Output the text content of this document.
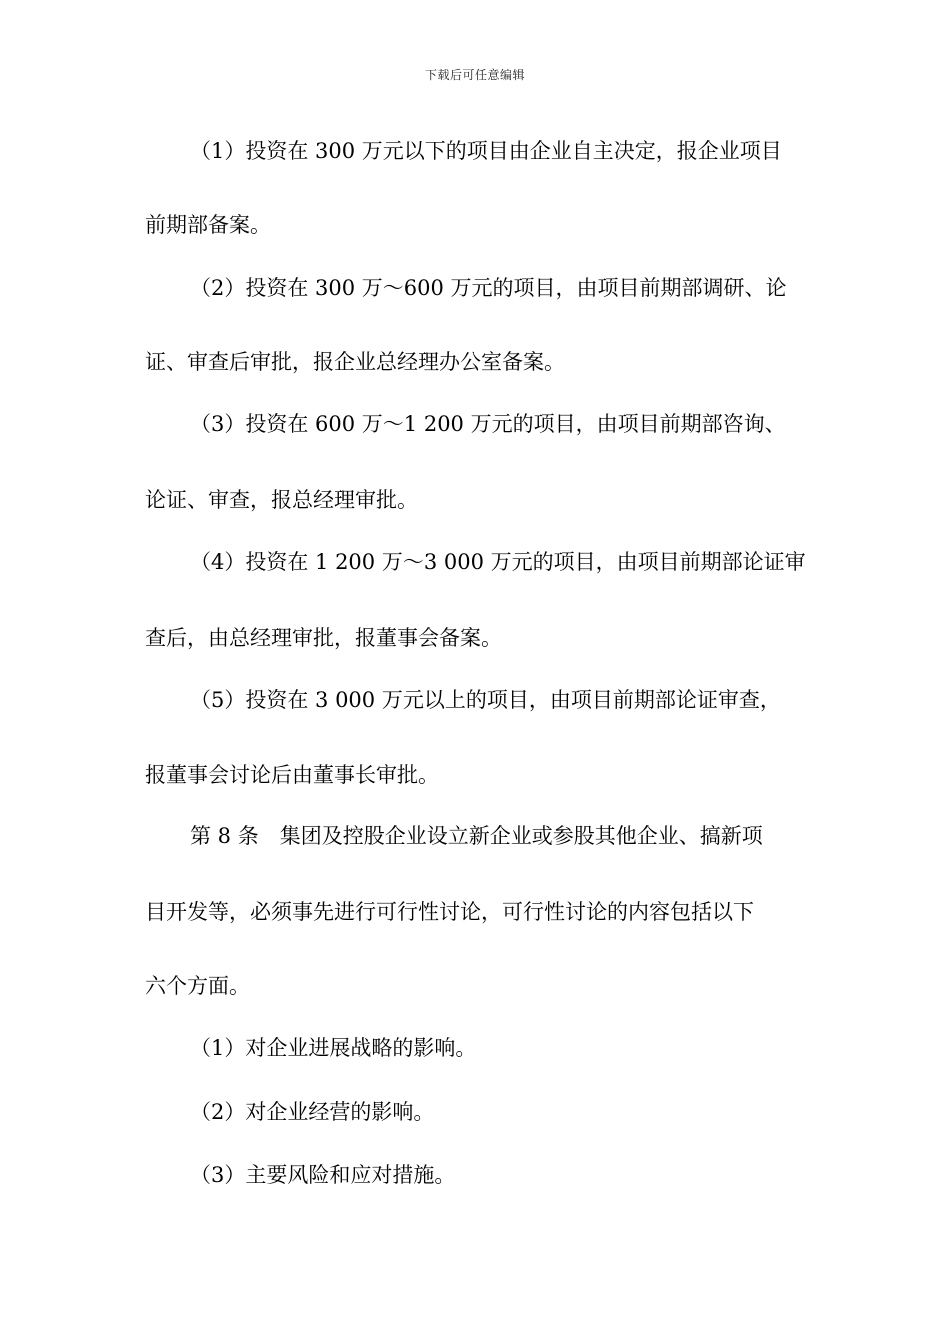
下载后可任意编辑
（1）投资在 300 万元以下的项目由企业自主决定，报企业项目
前期部备案。
（2）投资在 300 万～600 万元的项目，由项目前期部调研、论
证、审查后审批，报企业总经理办公室备案。
（3）投资在 600 万～1 200 万元的项目，由项目前期部咨询、
论证、审查，报总经理审批。
（4）投资在 1 200 万～3 000 万元的项目，由项目前期部论证审
查后，由总经理审批，报董事会备案。
（5）投资在 3 000 万元以上的项目，由项目前期部论证审查，
报董事会讨论后由董事长审批。
第 8 条　集团及控股企业设立新企业或参股其他企业、搞新项
目开发等，必须事先进行可行性讨论，可行性讨论的内容包括以下
六个方面。
（1）对企业进展战略的影响。
（2）对企业经营的影响。
（3）主要风险和应对措施。
